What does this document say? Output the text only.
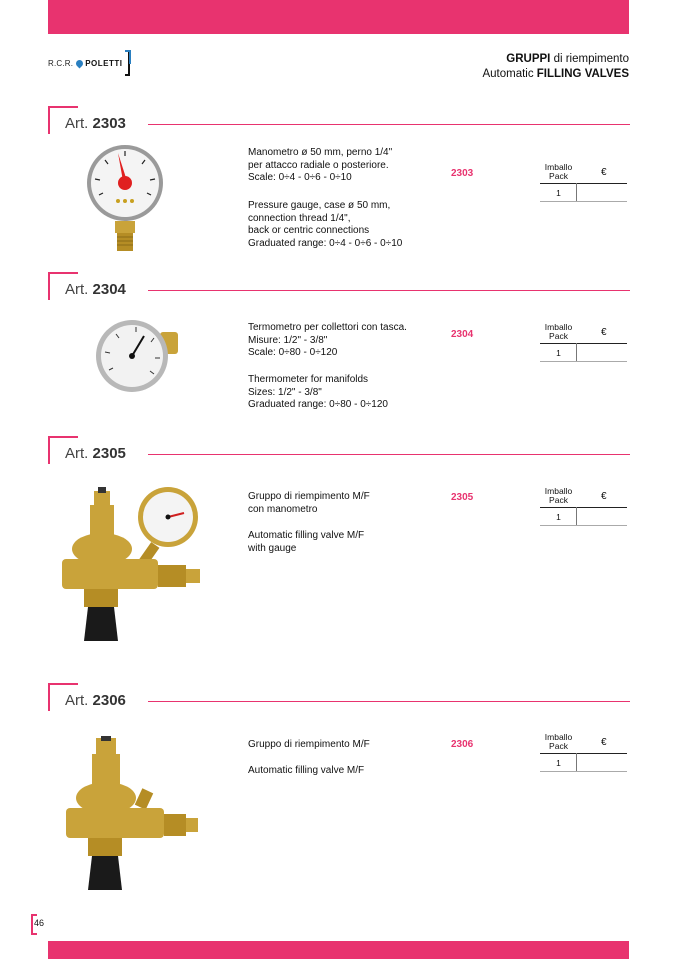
R.C.R. POLETTI	GRUPPI di riempimento
Automatic FILLING VALVES
Art. 2303
Manometro ø 50 mm, perno 1/4"
per attacco radiale o posteriore.
Scale: 0÷4 - 0÷6 - 0÷10
Pressure gauge, case ø 50 mm,
connection thread 1/4",
back or centric connections
Graduated range: 0÷4 - 0÷6 - 0÷10
2303
Imballo
Pack	€
1
Art. 2304
Termometro per collettori con tasca.
Misure: 1/2" - 3/8"
Scale: 0÷80 - 0÷120
Thermometer for manifolds
Sizes: 1/2" - 3/8"
Graduated range: 0÷80 - 0÷120
2304
Imballo
Pack	€
1
Art. 2305
Gruppo di riempimento M/F
con manometro
Automatic filling valve M/F
with gauge
2305
Imballo
Pack	€
1
Art. 2306
Gruppo di riempimento M/F
Automatic filling valve M/F
2306
Imballo
Pack	€
1
46
